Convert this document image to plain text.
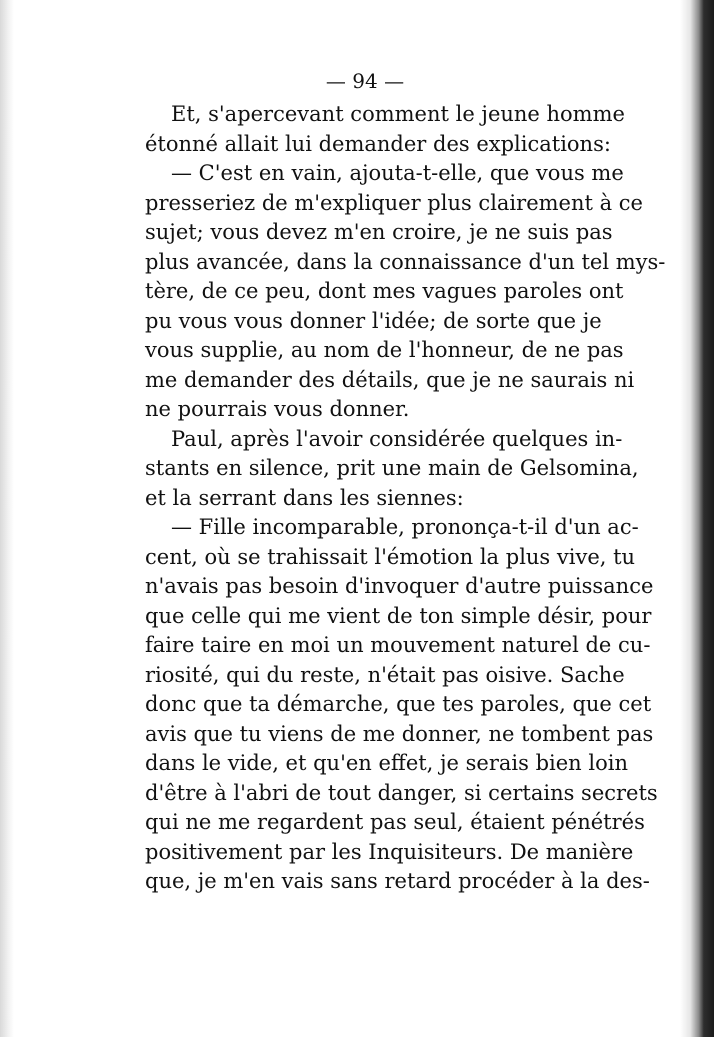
— 94 —
Et, s'apercevant comment le jeune homme
étonné allait lui demander des explications:
— C'est en vain, ajouta-t-elle, que vous me
presseriez de m'expliquer plus clairement à ce
sujet; vous devez m'en croire, je ne suis pas
plus avancée, dans la connaissance d'un tel mys-
tère, de ce peu, dont mes vagues paroles ont
pu vous vous donner l'idée; de sorte que je
vous supplie, au nom de l'honneur, de ne pas
me demander des détails, que je ne saurais ni
ne pourrais vous donner.
Paul, après l'avoir considérée quelques in-
stants en silence, prit une main de Gelsomina,
et la serrant dans les siennes:
— Fille incomparable, prononça-t-il d'un ac-
cent, où se trahissait l'émotion la plus vive, tu
n'avais pas besoin d'invoquer d'autre puissance
que celle qui me vient de ton simple désir, pour
faire taire en moi un mouvement naturel de cu-
riosité, qui du reste, n'était pas oisive. Sache
donc que ta démarche, que tes paroles, que cet
avis que tu viens de me donner, ne tombent pas
dans le vide, et qu'en effet, je serais bien loin
d'être à l'abri de tout danger, si certains secrets
qui ne me regardent pas seul, étaient pénétrés
positivement par les Inquisiteurs. De manière
que, je m'en vais sans retard procéder à la des-
